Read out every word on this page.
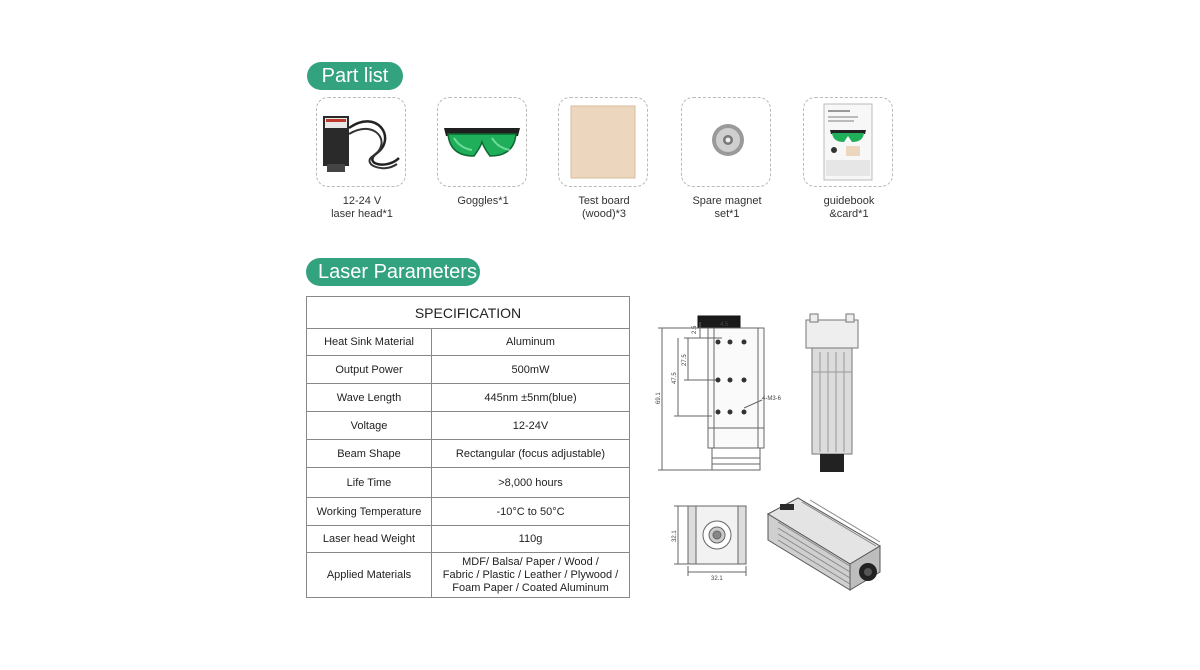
Part list
12-24 V
laser head*1
Goggles*1	Test board
(wood)*3
Spare magnet
set*1
guidebook
&card*1
Laser Parameters
SPECIFICATION	
Heat Sink Material	Aluminum
Output Power	500mW
Wave Length	445nm ±5nm(blue)
Voltage	12-24V
Beam Shape	Rectangular (focus adjustable)
Life Time	>8,000 hours
Working Temperature	-10°C to 50°C
Laser head Weight	110g
Applied Materials	MDF/ Balsa/ Paper / Wood /
Fabric / Plastic / Leather / Plywood /
Foam Paper / Coated Aluminum
2.5
27.5
47.5
69.1
4.5
4-M3-6
32.1
32.1
